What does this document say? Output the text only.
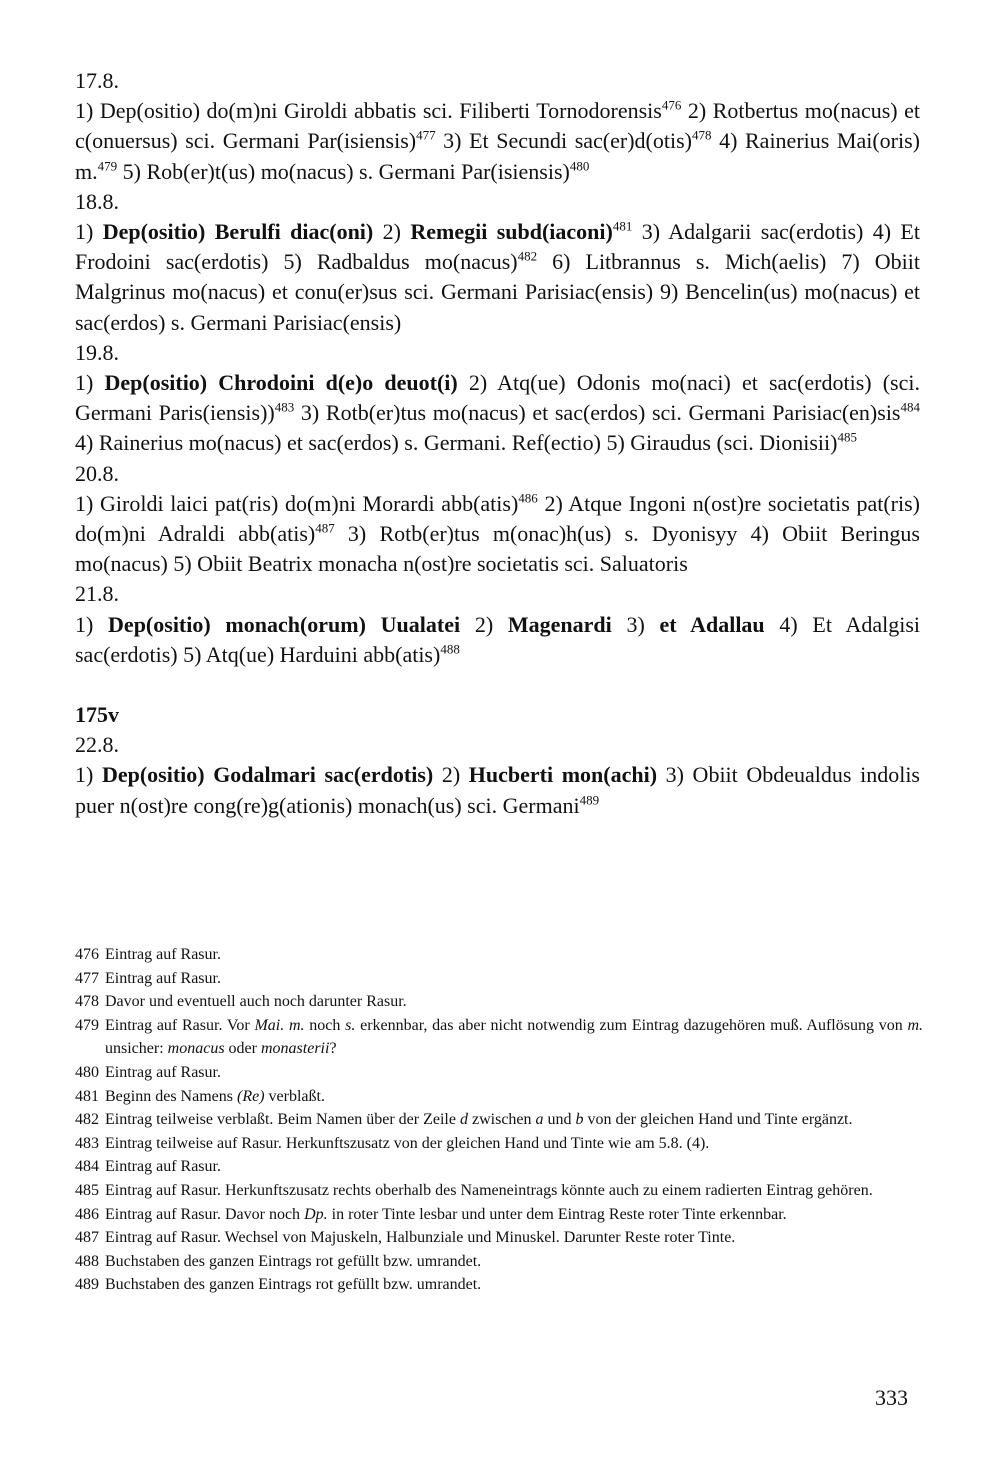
17.8.
1) Dep(ositio) do(m)ni Giroldi abbatis sci. Filiberti Tornodorensis$^{476}$ 2) Rotbertus mo(nacus) et c(onuersus) sci. Germani Par(isiensis)$^{477}$ 3) Et Secundi sac(er)d(otis)$^{478}$ 4) Rainerius Mai(oris) m.$^{479}$ 5) Rob(er)t(us) mo(nacus) s. Germani Par(isiensis)$^{480}$
18.8.
1) Dep(ositio) Berulfi diac(oni) 2) Remegii subd(iaconi)$^{481}$ 3) Adalgarii sac(erdotis) 4) Et Frodoini sac(erdotis) 5) Radbaldus mo(nacus)$^{482}$ 6) Litbrannus s. Mich(aelis) 7) Obiit Malgrinus mo(nacus) et conu(er)sus sci. Germani Parisiac(ensis) 9) Bencelin(us) mo(nacus) et sac(erdos) s. Germani Parisiac(ensis)
19.8.
1) Dep(ositio) Chrodoini d(e)o deuot(i) 2) Atq(ue) Odonis mo(naci) et sac(erdotis) (sci. Germani Paris(iensis))$^{483}$ 3) Rotb(er)tus mo(nacus) et sac(erdos) sci. Germani Parisiac(en)sis$^{484}$ 4) Rainerius mo(nacus) et sac(erdos) s. Germani. Ref(ectio) 5) Giraudus (sci. Dionisii)$^{485}$
20.8.
1) Giroldi laici pat(ris) do(m)ni Morardi abb(atis)$^{486}$ 2) Atque Ingoni n(ost)re societatis pat(ris) do(m)ni Adraldi abb(atis)$^{487}$ 3) Rotb(er)tus m(onac)h(us) s. Dyonisyy 4) Obiit Beringus mo(nacus) 5) Obiit Beatrix monacha n(ost)re societatis sci. Saluatoris
21.8.
1) Dep(ositio) monach(orum) Uualatei 2) Magenardi 3) et Adallau 4) Et Adalgisi sac(erdotis) 5) Atq(ue) Harduini abb(atis)$^{488}$
175v
22.8.
1) Dep(ositio) Godalmari sac(erdotis) 2) Hucberti mon(achi) 3) Obiit Obdeualdus indolis puer n(ost)re cong(re)g(ationis) monach(us) sci. Germani$^{489}$
476 Eintrag auf Rasur.
477 Eintrag auf Rasur.
478 Davor und eventuell auch noch darunter Rasur.
479 Eintrag auf Rasur. Vor Mai. m. noch s. erkennbar, das aber nicht notwendig zum Eintrag dazugehören muß. Auflösung von m. unsicher: monacus oder monasterii?
480 Eintrag auf Rasur.
481 Beginn des Namens (Re) verblaßt.
482 Eintrag teilweise verblaßt. Beim Namen über der Zeile d zwischen a und b von der gleichen Hand und Tinte ergänzt.
483 Eintrag teilweise auf Rasur. Herkunftszusatz von der gleichen Hand und Tinte wie am 5.8. (4).
484 Eintrag auf Rasur.
485 Eintrag auf Rasur. Herkunftszusatz rechts oberhalb des Nameneintrags könnte auch zu einem radierten Eintrag gehören.
486 Eintrag auf Rasur. Davor noch Dp. in roter Tinte lesbar und unter dem Eintrag Reste roter Tinte erkennbar.
487 Eintrag auf Rasur. Wechsel von Majuskeln, Halbunziale und Minuskel. Darunter Reste roter Tinte.
488 Buchstaben des ganzen Eintrags rot gefüllt bzw. umrandet.
489 Buchstaben des ganzen Eintrags rot gefüllt bzw. umrandet.
333
